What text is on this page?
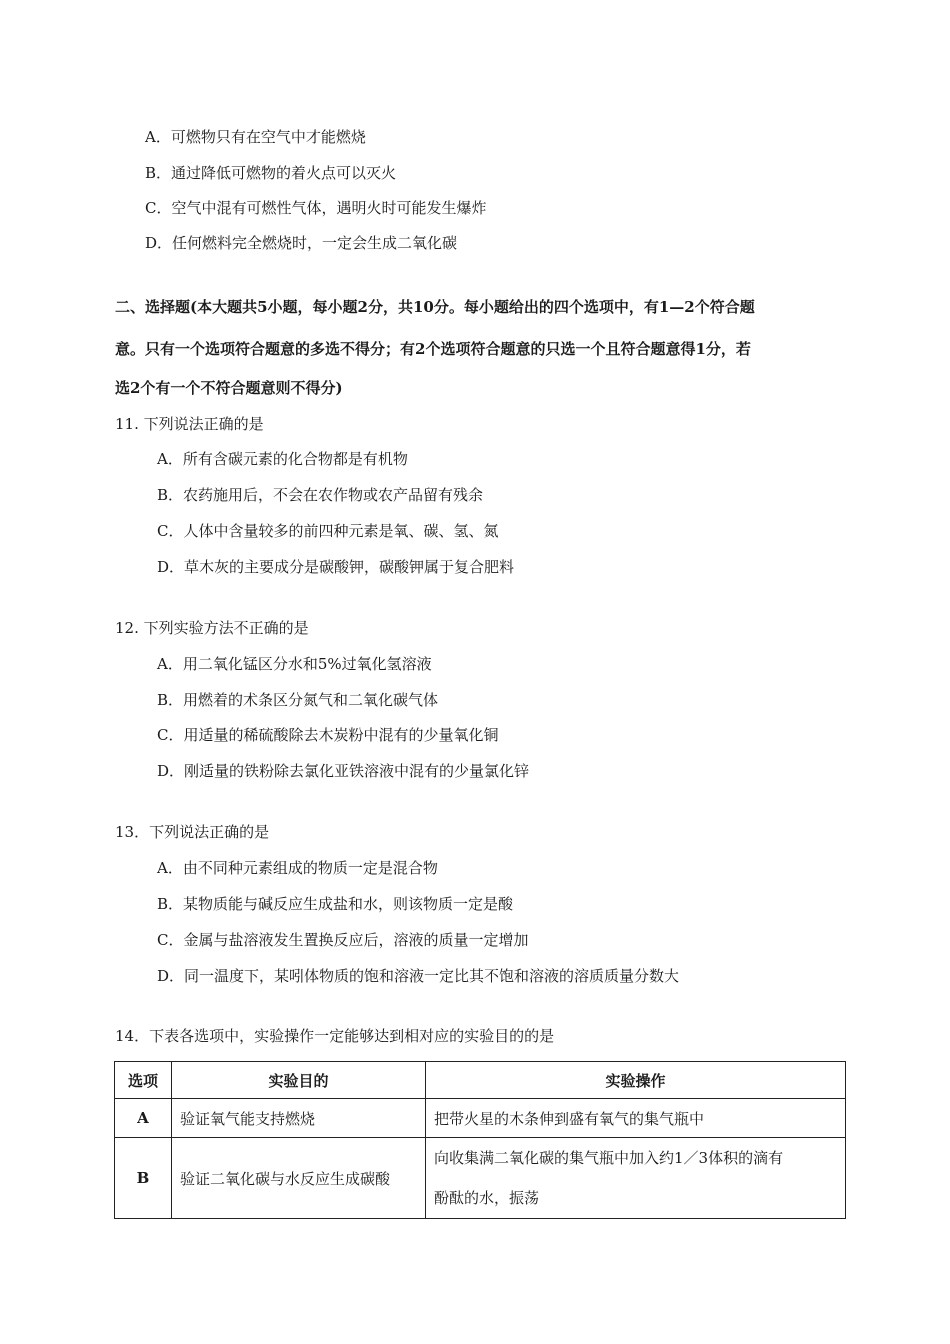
A．可燃物只有在空气中才能燃烧
B．通过降低可燃物的着火点可以灭火
C．空气中混有可燃性气体，遇明火时可能发生爆炸
D．任何燃料完全燃烧时，一定会生成二氧化碳
二、选择题(本大题共5小题，每小题2分，共10分。每小题给出的四个选项中，有1—2个符合题
意。只有一个选项符合题意的多选不得分；有2个选项符合题意的只选一个且符合题意得1分，若
选2个有一个不符合题意则不得分)
11. 下列说法正确的是
A．所有含碳元素的化合物都是有机物
B．农药施用后，不会在农作物或农产品留有残余
C．人体中含量较多的前四种元素是氧、碳、氢、氮
D．草木灰的主要成分是碳酸钾，碳酸钾属于复合肥料
12. 下列实验方法不正确的是
A．用二氧化锰区分水和5%过氧化氢溶液
B．用燃着的术条区分氮气和二氧化碳气体
C．用适量的稀硫酸除去木炭粉中混有的少量氧化铜
D．刚适量的铁粉除去氯化亚铁溶液中混有的少量氯化锌
13．下列说法正确的是
A．由不同种元素组成的物质一定是混合物
B．某物质能与碱反应生成盐和水，则该物质一定是酸
C．金属与盐溶液发生置换反应后，溶液的质量一定增加
D．同一温度下，某吲体物质的饱和溶液一定比其不饱和溶液的溶质质量分数大
14．下表各选项中，实验操作一定能够达到相对应的实验目的的是
选项	实验目的	实验操作
A	验证氧气能支持燃烧	把带火星的木条伸到盛有氧气的集气瓶中
B	验证二氧化碳与水反应生成碳酸	向收集满二氧化碳的集气瓶中加入约1／3体积的滴有
酚酞的水，振荡
